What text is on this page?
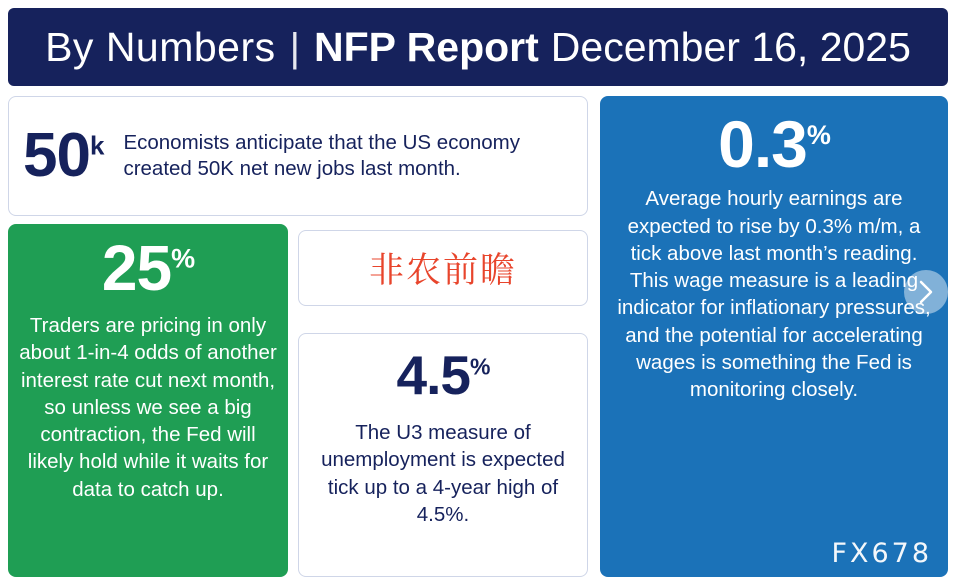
By Numbers | NFP Report December 16, 2025
50$^k$ Economists anticipate that the US economy created 50K net new jobs last month.
25%
Traders are pricing in only about 1-in-4 odds of another interest rate cut next month, so unless we see a big contraction, the Fed will likely hold while it waits for data to catch up.
非农前瞻
4.5%
The U3 measure of unemployment is expected tick up to a 4-year high of 4.5%.
0.3%
Average hourly earnings are expected to rise by 0.3% m/m, a tick above last month’s reading. This wage measure is a leading indicator for inflationary pressures, and the potential for accelerating wages is something the Fed is monitoring closely.
FX678
